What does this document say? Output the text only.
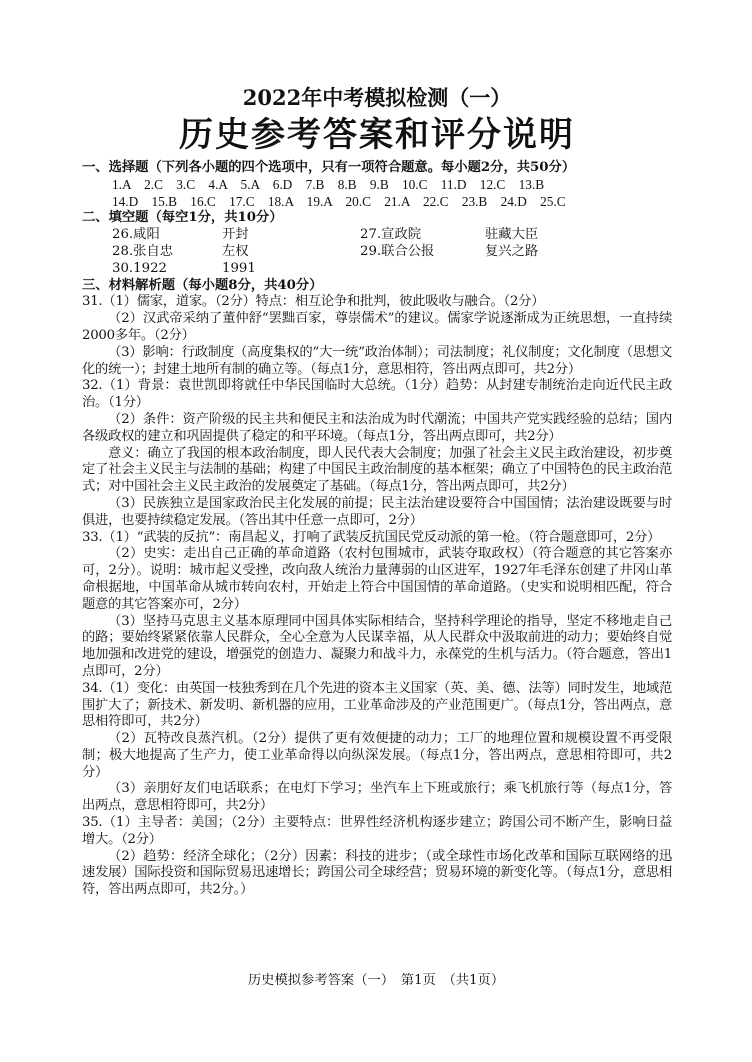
2022年中考模拟检测（一）
历史参考答案和评分说明
一、选择题（下列各小题的四个选项中，只有一项符合题意。每小题2分，共50分）
1.A　2.C　3.C　4.A　5.A　6.D　7.B　8.B　9.B　10.C　11.D　12.C　13.B
14.D　15.B　16.C　17.C　18.A　19.A　20.C　21.A　22.C　23.B　24.D　25.C
二、填空题（每空1分，共10分）
26.咸阳	开封	27.宣政院	驻藏大臣
28.张自忠	左权	29.联合公报	复兴之路
30.1922	1991
三、材料解析题（每小题8分，共40分）

31.（1）儒家，道家。（2分）特点：相互论争和批判，彼此吸收与融合。（2分）

（2）汉武帝采纳了董仲舒“罢黜百家，尊崇儒术”的建议。儒家学说逐渐成为正统思想，一直持续2000多年。（2分）

（3）影响：行政制度（高度集权的“大一统”政治体制）；司法制度；礼仪制度；文化制度（思想文化的统一）；封建土地所有制的确立等。（每点1分，意思相符，答出两点即可，共2分）

32.（1）背景：袁世凯即将就任中华民国临时大总统。（1分）趋势：从封建专制统治走向近代民主政治。（1分）

（2）条件：资产阶级的民主共和便民主和法治成为时代潮流；中国共产党实践经验的总结；国内各级政权的建立和巩固提供了稳定的和平环境。（每点1分，答出两点即可，共2分）

意义：确立了我国的根本政治制度，即人民代表大会制度；加强了社会主义民主政治建设，初步奠定了社会主义民主与法制的基础；构建了中国民主政治制度的基本框架；确立了中国特色的民主政治范式；对中国社会主义民主政治的发展奠定了基础。（每点1分，答出两点即可，共2分）

（3）民族独立是国家政治民主化发展的前提；民主法治建设要符合中国国情；法治建设既要与时俱进，也要持续稳定发展。（答出其中任意一点即可，2分）

33.（1）“武装的反抗”：南昌起义，打响了武装反抗国民党反动派的第一枪。（符合题意即可，2分）

（2）史实：走出自己正确的革命道路（农村包围城市，武装夺取政权）（符合题意的其它答案亦可，2分）。说明：城市起义受挫，改向敌人统治力量薄弱的山区进军，1927年毛泽东创建了井冈山革命根据地，中国革命从城市转向农村，开始走上符合中国国情的革命道路。（史实和说明相匹配，符合题意的其它答案亦可，2分）

（3）坚持马克思主义基本原理同中国具体实际相结合，坚持科学理论的指导，坚定不移地走自己的路；要始终紧紧依靠人民群众，全心全意为人民谋幸福，从人民群众中汲取前进的动力；要始终自觉地加强和改进党的建设，增强党的创造力、凝聚力和战斗力，永葆党的生机与活力。（符合题意，答出1点即可，2分）

34.（1）变化：由英国一枝独秀到在几个先进的资本主义国家（英、美、德、法等）同时发生，地域范围扩大了；新技术、新发明、新机器的应用，工业革命涉及的产业范围更广。（每点1分，答出两点，意思相符即可，共2分）

（2）瓦特改良蒸汽机。（2分）提供了更有效便捷的动力；工厂的地理位置和规模设置不再受限制；极大地提高了生产力，使工业革命得以向纵深发展。（每点1分，答出两点，意思相符即可，共2分）

（3）亲朋好友们电话联系；在电灯下学习；坐汽车上下班或旅行；乘飞机旅行等（每点1分，答出两点，意思相符即可，共2分）

35.（1）主导者：美国；（2分）主要特点：世界性经济机构逐步建立；跨国公司不断产生，影响日益增大。（2分）

（2）趋势：经济全球化；（2分）因素：科技的进步；（或全球性市场化改革和国际互联网络的迅速发展）国际投资和国际贸易迅速增长；跨国公司全球经营；贸易环境的新变化等。（每点1分，意思相符，答出两点即可，共2分。）

历史模拟参考答案（一）　第1页　（共1页）
